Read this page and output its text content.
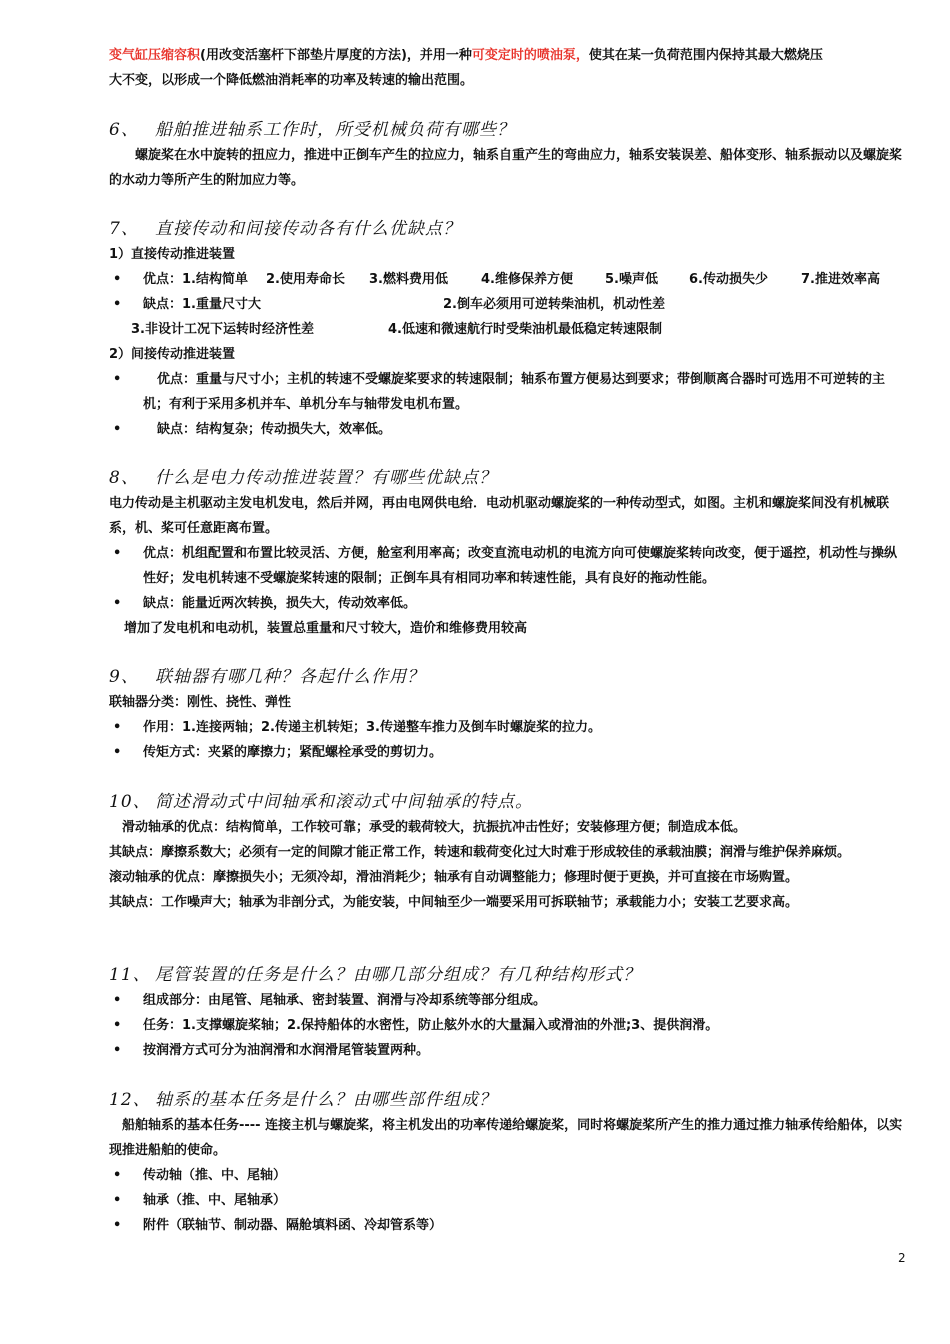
变气缸压缩容积(用改变活塞杆下部垫片厚度的方法)，并用一种可变定时的喷油泵，使其在某一负荷范围内保持其最大燃烧压

大不变，以形成一个降低燃油消耗率的功率及转速的输出范围。

6、 船舶推进轴系工作时，所受机械负荷有哪些？

螺旋桨在水中旋转的扭应力，推进中正倒车产生的拉应力，轴系自重产生的弯曲应力，轴系安装误差、船体变形、轴系振动以及螺旋桨的水动力等所产生的附加应力等。

7、 直接传动和间接传动各有什么优缺点？

1）直接传动推进装置

• 优点：1.结构简单 2.使用寿命长 3.燃料费用低	4.维修保养方便 5.噪声低 6.传动损失少	7.推进效率高
• 缺点：1.重量尺寸大	2.倒车必须用可逆转柴油机，机动性差

3.非设计工况下运转时经济性差	4.低速和微速航行时受柴油机最低稳定转速限制

2）间接传动推进装置

•	优点：重量与尺寸小；主机的转速不受螺旋桨要求的转速限制；轴系布置方便易达到要求；带倒顺离合器时可选用不可逆转的主机；有利于采用多机并车、单机分车与轴带发电机布置。
•	缺点：结构复杂；传动损失大，效率低。

8、 什么是电力传动推进装置？有哪些优缺点？

电力传动是主机驱动主发电机发电，然后并网，再由电网供电给．电动机驱动螺旋桨的一种传动型式，如图。主机和螺旋桨间没有机械联系，机、桨可任意距离布置。

• 优点：机组配置和布置比较灵活、方便，舱室利用率高；改变直流电动机的电流方向可使螺旋桨转向改变，便于遥控，机动性与操纵性好；发电机转速不受螺旋桨转速的限制；正倒车具有相同功率和转速性能，具有良好的拖动性能。
• 缺点：能量近两次转换，损失大，传动效率低。

增加了发电机和电动机，装置总重量和尺寸较大，造价和维修费用较高

9、 联轴器有哪几种？各起什么作用？

联轴器分类：刚性、挠性、弹性

• 作用：1.连接两轴；2.传递主机转矩；3.传递整车推力及倒车时螺旋桨的拉力。
• 传矩方式：夹紧的摩擦力；紧配螺栓承受的剪切力。

10、 简述滑动式中间轴承和滚动式中间轴承的特点。

滑动轴承的优点：结构简单，工作较可靠；承受的载荷较大，抗振抗冲击性好；安装修理方便；制造成本低。

其缺点：摩擦系数大；必须有一定的间隙才能正常工作，转速和载荷变化过大时难于形成较佳的承载油膜；润滑与维护保养麻烦。

滚动轴承的优点：摩擦损失小；无须冷却，滑油消耗少；轴承有自动调整能力；修理时便于更换，并可直接在市场购置。

其缺点：工作噪声大；轴承为非剖分式，为能安装，中间轴至少一端要采用可拆联轴节；承载能力小；安装工艺要求高。

11、 尾管装置的任务是什么？由哪几部分组成？有几种结构形式？

• 组成部分：由尾管、尾轴承、密封装置、润滑与冷却系统等部分组成。
• 任务：1.支撑螺旋桨轴；2.保持船体的水密性，防止舷外水的大量漏入或滑油的外泄;3、提供润滑。
• 按润滑方式可分为油润滑和水润滑尾管装置两种。

12、 轴系的基本任务是什么？由哪些部件组成？

船舶轴系的基本任务---- 连接主机与螺旋桨，将主机发出的功率传递给螺旋桨，同时将螺旋桨所产生的推力通过推力轴承传给船体，以实现推进船舶的使命。

• 传动轴（推、中、尾轴）
• 轴承（推、中、尾轴承）
• 附件（联轴节、制动器、隔舱填料函、冷却管系等）
2
